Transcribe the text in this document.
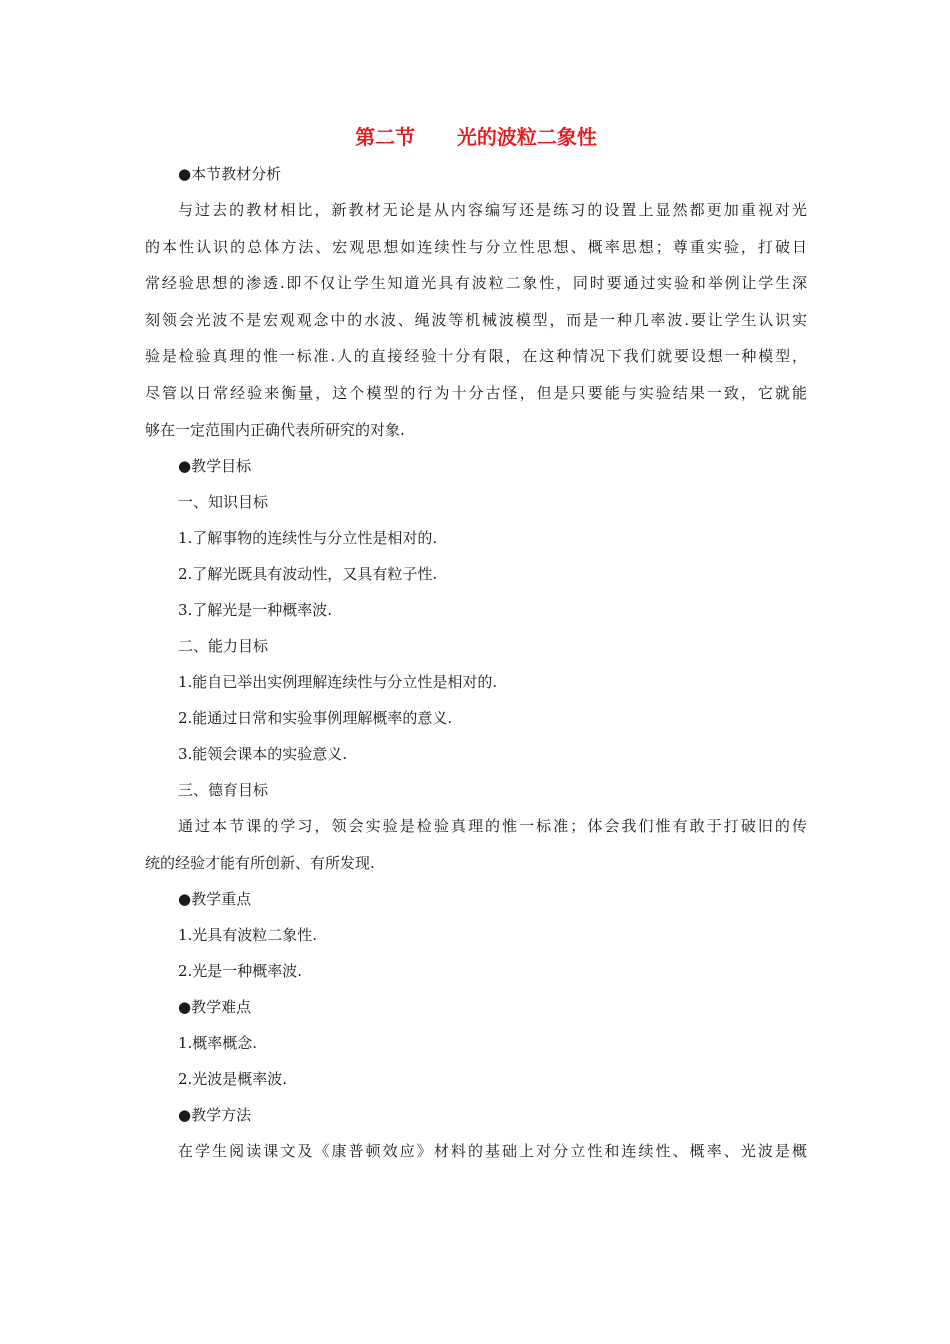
第二节      光的波粒二象性

●本节教材分析

与过去的教材相比，新教材无论是从内容编写还是练习的设置上显然都更加重视对光

的本性认识的总体方法、宏观思想如连续性与分立性思想、概率思想；尊重实验，打破日

常经验思想的渗透.即不仅让学生知道光具有波粒二象性，同时要通过实验和举例让学生深

刻领会光波不是宏观观念中的水波、绳波等机械波模型，而是一种几率波.要让学生认识实

验是检验真理的惟一标准.人的直接经验十分有限，在这种情况下我们就要设想一种模型，

尽管以日常经验来衡量，这个模型的行为十分古怪，但是只要能与实验结果一致，它就能

够在一定范围内正确代表所研究的对象.

●教学目标

一、知识目标

1.了解事物的连续性与分立性是相对的.

2.了解光既具有波动性，又具有粒子性.

3.了解光是一种概率波.

二、能力目标

1.能自已举出实例理解连续性与分立性是相对的.

2.能通过日常和实验事例理解概率的意义.

3.能领会课本的实验意义.

三、德育目标

通过本节课的学习，领会实验是检验真理的惟一标准；体会我们惟有敢于打破旧的传

统的经验才能有所创新、有所发现.

●教学重点

1.光具有波粒二象性.

2.光是一种概率波.

●教学难点

1.概率概念.

2.光波是概率波.

●教学方法

在学生阅读课文及《康普顿效应》材料的基础上对分立性和连续性、概率、光波是概
